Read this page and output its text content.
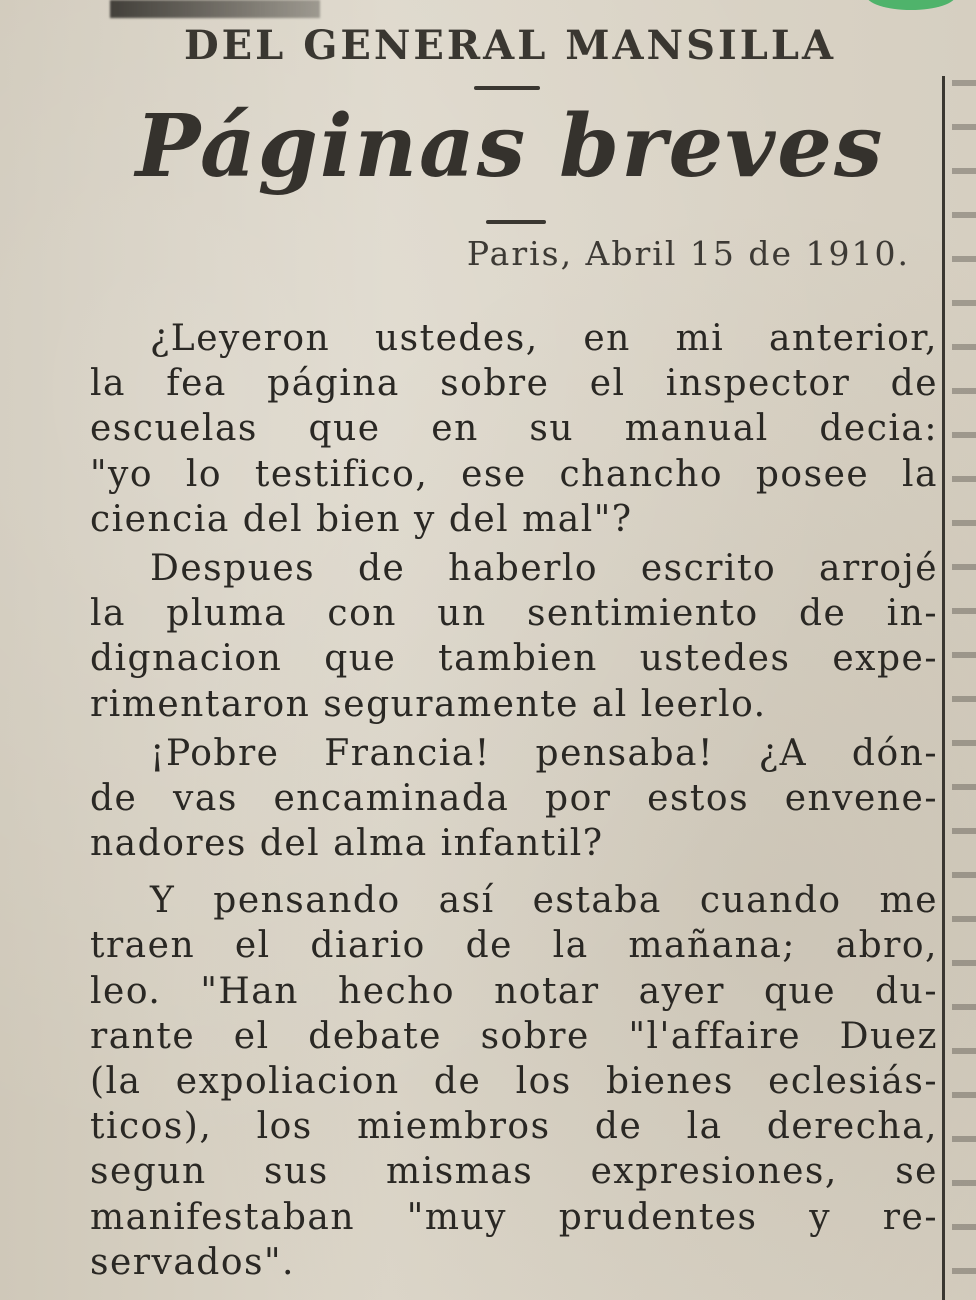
DEL GENERAL MANSILLA
Páginas breves
Paris, Abril 15 de 1910.
¿Leyeron ustedes, en mi anterior,
la fea página sobre el inspector de
escuelas que en su manual decia:
"yo lo testifico, ese chancho posee la
ciencia del bien y del mal"?
Despues de haberlo escrito arrojé
la pluma con un sentimiento de in-
dignacion que tambien ustedes expe-
rimentaron seguramente al leerlo.
¡Pobre Francia! pensaba! ¿A dón-
de vas encaminada por estos envene-
nadores del alma infantil?
Y pensando así estaba cuando me
traen el diario de la mañana; abro,
leo. "Han hecho notar ayer que du-
rante el debate sobre "l'affaire Duez
(la expoliacion de los bienes eclesiás-
ticos), los miembros de la derecha,
segun sus mismas expresiones, se
manifestaban "muy prudentes y re-
servados".
